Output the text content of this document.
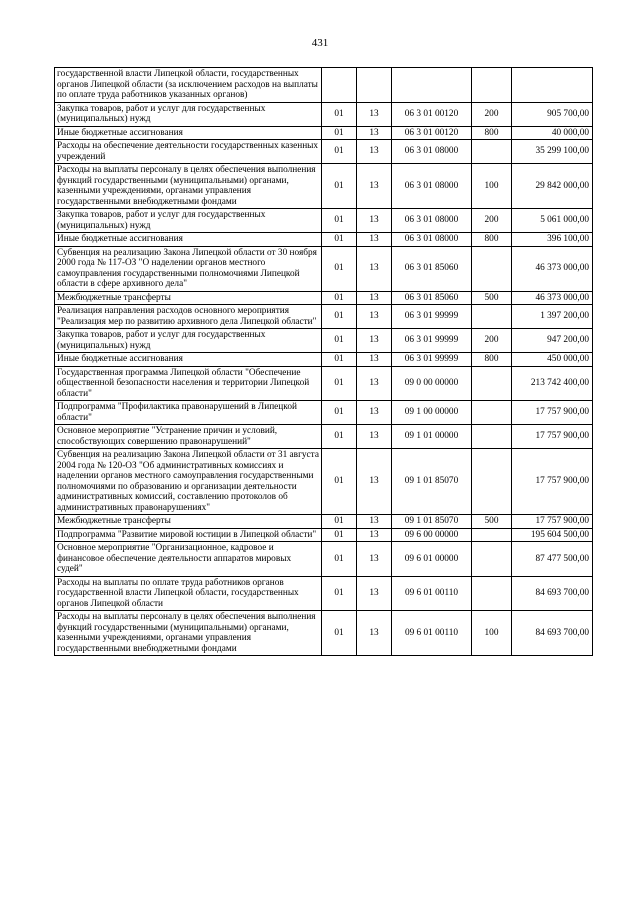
431
государственной власти Липецкой области, государственных органов Липецкой области (за исключением расходов на выплаты по оплате труда работников указанных органов)					
Закупка товаров, работ и услуг для государственных (муниципальных) нужд	01	13	06 3 01 00120	200	905 700,00
Иные бюджетные ассигнования	01	13	06 3 01 00120	800	40 000,00
Расходы на обеспечение деятельности государственных казенных учреждений	01	13	06 3 01 08000		35 299 100,00
Расходы на выплаты персоналу в целях обеспечения выполнения функций государственными (муниципальными) органами, казенными учреждениями, органами управления государственными внебюджетными фондами	01	13	06 3 01 08000	100	29 842 000,00
Закупка товаров, работ и услуг для государственных (муниципальных) нужд	01	13	06 3 01 08000	200	5 061 000,00
Иные бюджетные ассигнования	01	13	06 3 01 08000	800	396 100,00
Субвенция на реализацию Закона Липецкой области от 30 ноября 2000 года № 117-ОЗ "О наделении органов местного самоуправления государственными полномочиями Липецкой области в сфере архивного дела"	01	13	06 3 01 85060		46 373 000,00
Межбюджетные трансферты	01	13	06 3 01 85060	500	46 373 000,00
Реализация направления расходов основного мероприятия "Реализация мер по развитию архивного дела Липецкой области"	01	13	06 3 01 99999		1 397 200,00
Закупка товаров, работ и услуг для государственных (муниципальных) нужд	01	13	06 3 01 99999	200	947 200,00
Иные бюджетные ассигнования	01	13	06 3 01 99999	800	450 000,00
Государственная программа Липецкой области "Обеспечение общественной безопасности населения и территории Липецкой области"	01	13	09 0 00 00000		213 742 400,00
Подпрограмма "Профилактика правонарушений в Липецкой области"	01	13	09 1 00 00000		17 757 900,00
Основное мероприятие "Устранение причин и условий, способствующих совершению правонарушений"	01	13	09 1 01 00000		17 757 900,00
Субвенция на реализацию Закона Липецкой области от 31 августа 2004 года № 120-ОЗ "Об административных комиссиях и наделении органов местного самоуправления государственными полномочиями по образованию и организации деятельности административных комиссий, составлению протоколов об административных правонарушениях"	01	13	09 1 01 85070		17 757 900,00
Межбюджетные трансферты	01	13	09 1 01 85070	500	17 757 900,00
Подпрограмма "Развитие мировой юстиции в Липецкой области"	01	13	09 6 00 00000		195 604 500,00
Основное мероприятие "Организационное, кадровое и финансовое обеспечение деятельности аппаратов мировых судей"	01	13	09 6 01 00000		87 477 500,00
Расходы на выплаты по оплате труда работников органов государственной власти Липецкой области, государственных органов Липецкой области	01	13	09 6 01 00110		84 693 700,00
Расходы на выплаты персоналу в целях обеспечения выполнения функций государственными (муниципальными) органами, казенными учреждениями, органами управления государственными внебюджетными фондами	01	13	09 6 01 00110	100	84 693 700,00
